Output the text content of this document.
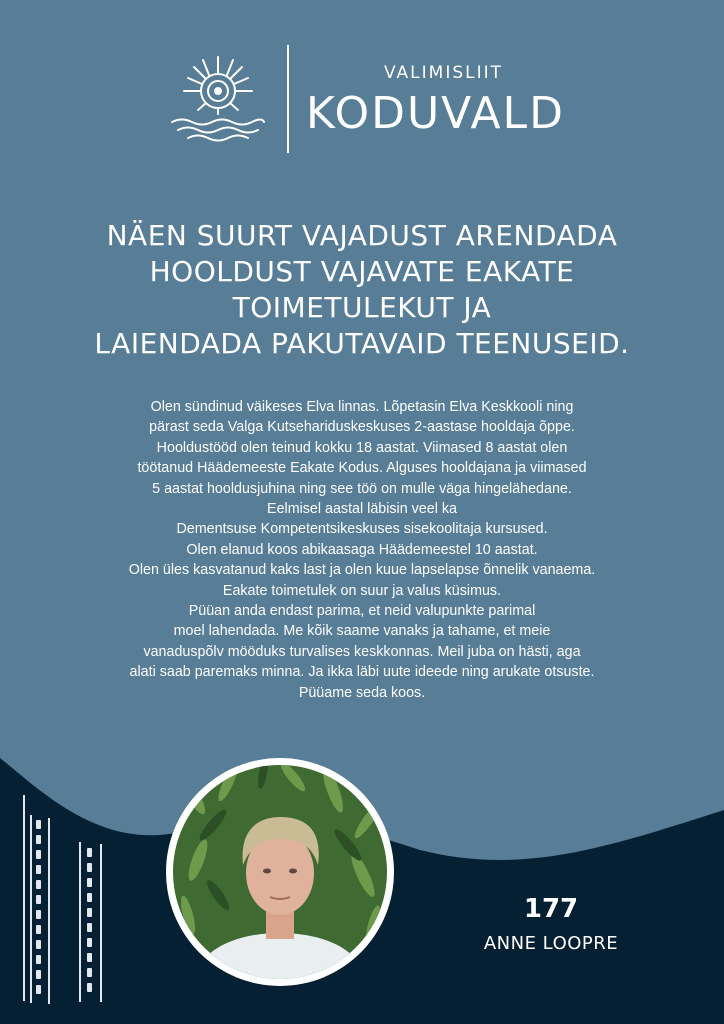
VALIMISLIIT
KODUVALD
NÄEN SUURT VAJADUST ARENDADA
HOOLDUST VAJAVATE EAKATE
TOIMETULEKUT JA
LAIENDADA PAKUTAVAID TEENUSEID.
Olen sündinud väikeses Elva linnas. Lõpetasin Elva Keskkooli ning
pärast seda Valga Kutsehariduskeskuses 2-aastase hooldaja õppe.
Hooldustööd olen teinud kokku 18 aastat. Viimased 8 aastat olen
töötanud Häädemeeste Eakate Kodus. Alguses hooldajana ja viimased
5 aastat hooldusjuhina ning see töö on mulle väga hingelähedane.
Eelmisel aastal läbisin veel ka
Dementsuse Kompetentsikeskuses sisekoolitaja kursused.
Olen elanud koos abikaasaga Häädemeestel 10 aastat.
Olen üles kasvatanud kaks last ja olen kuue lapselapse õnnelik vanaema.
Eakate toimetulek on suur ja valus küsimus.
Püüan anda endast parima, et neid valupunkte parimal
moel lahendada. Me kõik saame vanaks ja tahame, et meie
vanaduspõlv mööduks turvalises keskkonnas. Meil juba on hästi, aga
alati saab paremaks minna. Ja ikka läbi uute ideede ning arukate otsuste.
Püüame seda koos.
177
ANNE LOOPRE
